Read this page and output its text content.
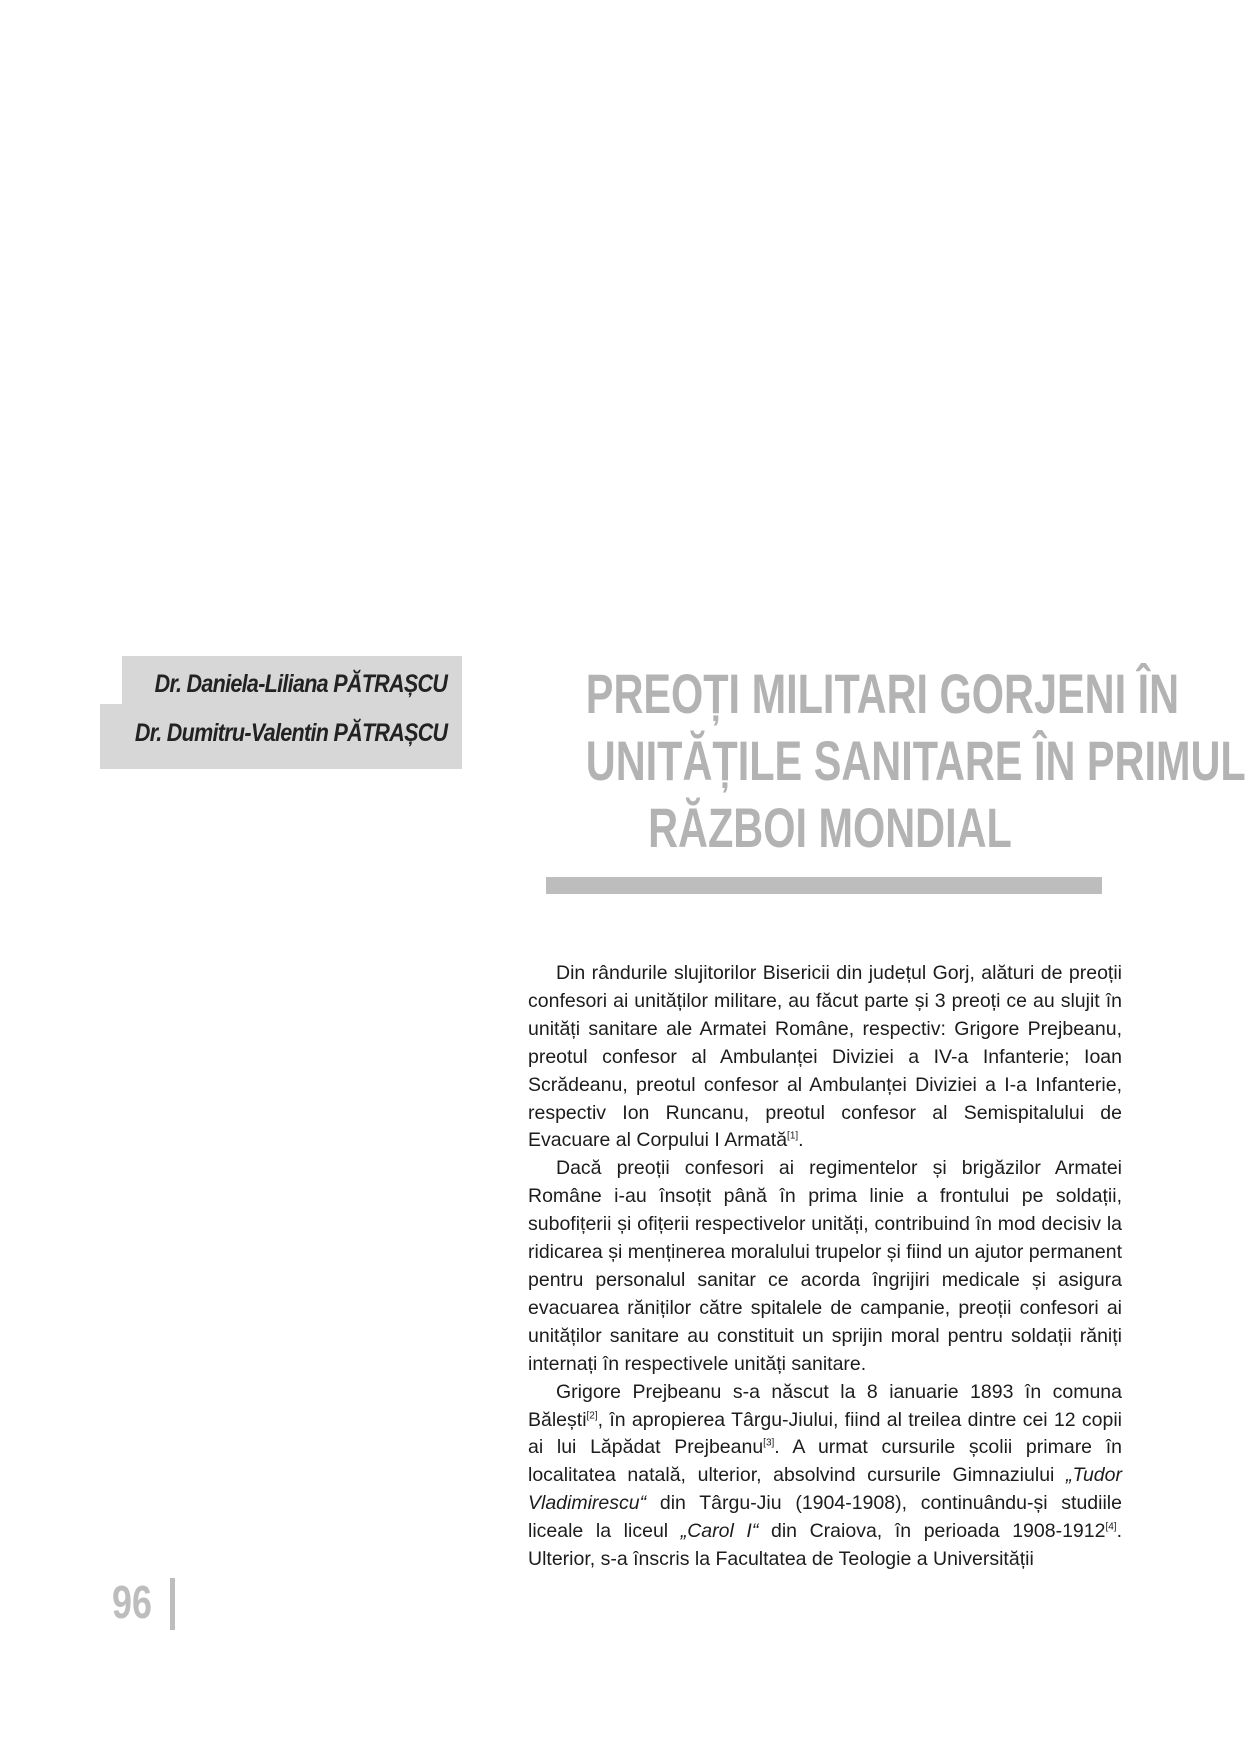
Dr. Daniela-Liliana PĂTRAȘCU
Dr. Dumitru-Valentin PĂTRAȘCU
PREOȚI MILITARI GORJENI ÎN
UNITĂȚILE SANITARE ÎN PRIMUL
RĂZBOI MONDIAL

Din rândurile slujitorilor Bisericii din județul Gorj, alături de preoții confesori ai unităților militare, au făcut parte și 3 preoți ce au slujit în unități sanitare ale Armatei Române, respectiv: Grigore Prejbeanu, preotul confesor al Ambulanței Diviziei a IV-a Infanterie; Ioan Scrădeanu, preotul confesor al Ambulanței Diviziei a I-a Infanterie, respectiv Ion Runcanu, preotul confesor al Semispitalului de Evacuare al Corpului I Armată[1].

Dacă preoții confesori ai regimentelor și brigăzilor Armatei Române i-au însoțit până în prima linie a frontului pe soldații, subofițerii și ofițerii respectivelor unități, contribuind în mod decisiv la ridicarea și menținerea moralului trupelor și fiind un ajutor permanent pentru personalul sanitar ce acorda îngrijiri medicale și asigura evacuarea răniților către spitalele de campanie, preoții confesori ai unităților sanitare au constituit un sprijin moral pentru soldații răniți internați în respectivele unități sanitare.

Grigore Prejbeanu s-a născut la 8 ianuarie 1893 în comuna Bălești[2], în apropierea Târgu-Jiului, fiind al treilea dintre cei 12 copii ai lui Lăpădat Prejbeanu[3]. A urmat cursurile școlii primare în localitatea natală, ulterior, absolvind cursurile Gimnaziului „Tudor Vladimirescu“ din Târgu-Jiu (1904-1908), continuându-și studiile liceale la liceul „Carol I“ din Craiova, în perioada 1908-1912[4]. Ulterior, s-a înscris la Facultatea de Teologie a Universității

96
